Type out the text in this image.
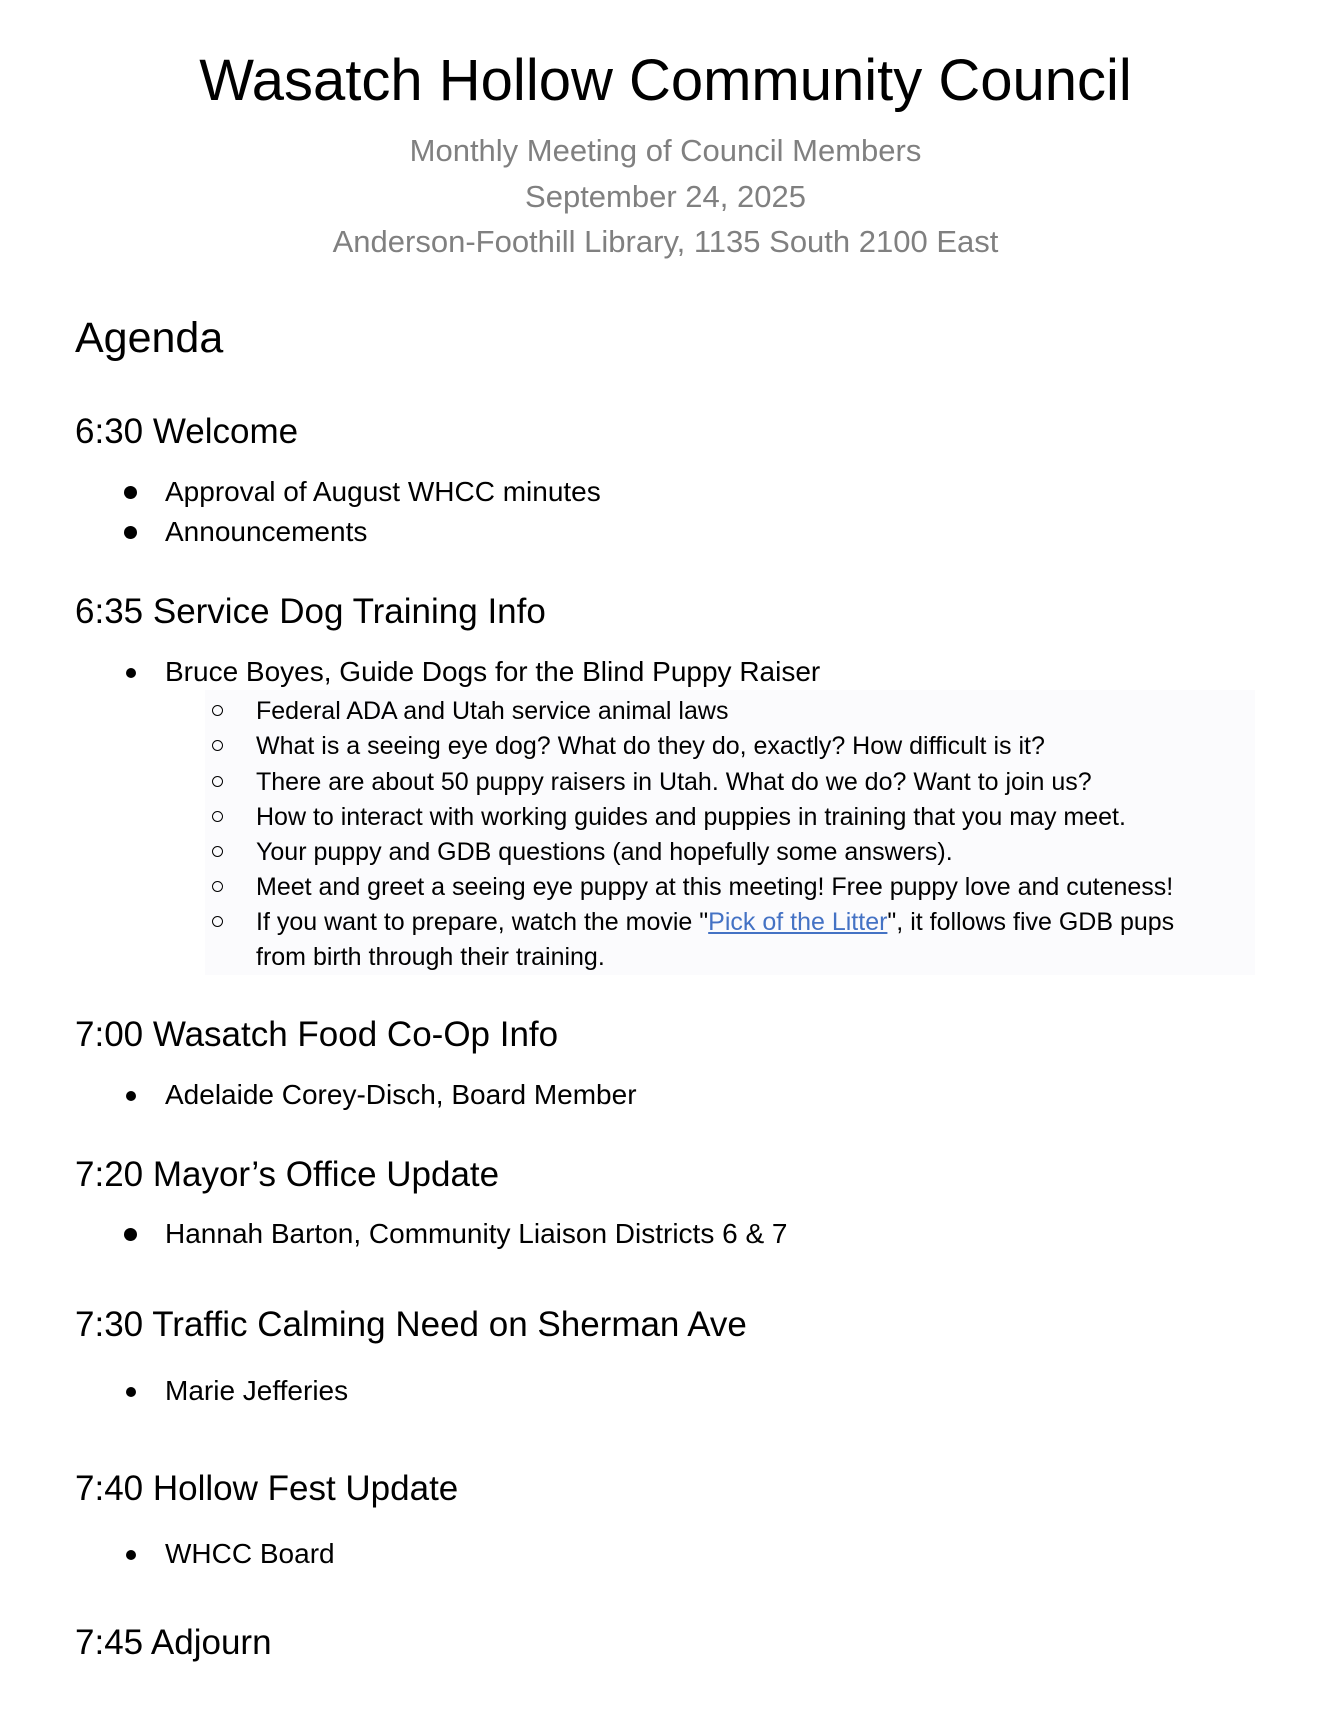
Wasatch Hollow Community Council
Monthly Meeting of Council Members
September 24, 2025
Anderson-Foothill Library, 1135 South 2100 East
Agenda
6:30 Welcome
Approval of August WHCC minutes
Announcements
6:35 Service Dog Training Info
Bruce Boyes, Guide Dogs for the Blind Puppy Raiser
Federal ADA and Utah service animal laws
What is a seeing eye dog? What do they do, exactly? How difficult is it?
There are about 50 puppy raisers in Utah. What do we do? Want to join us?
How to interact with working guides and puppies in training that you may meet.
Your puppy and GDB questions (and hopefully some answers).
Meet and greet a seeing eye puppy at this meeting! Free puppy love and cuteness!
If you want to prepare, watch the movie "Pick of the Litter", it follows five GDB pups
from birth through their training.
7:00 Wasatch Food Co-Op Info
Adelaide Corey-Disch, Board Member
7:20 Mayor’s Office Update
Hannah Barton, Community Liaison Districts 6 & 7
7:30 Traffic Calming Need on Sherman Ave
Marie Jefferies
7:40 Hollow Fest Update
WHCC Board
7:45 Adjourn
